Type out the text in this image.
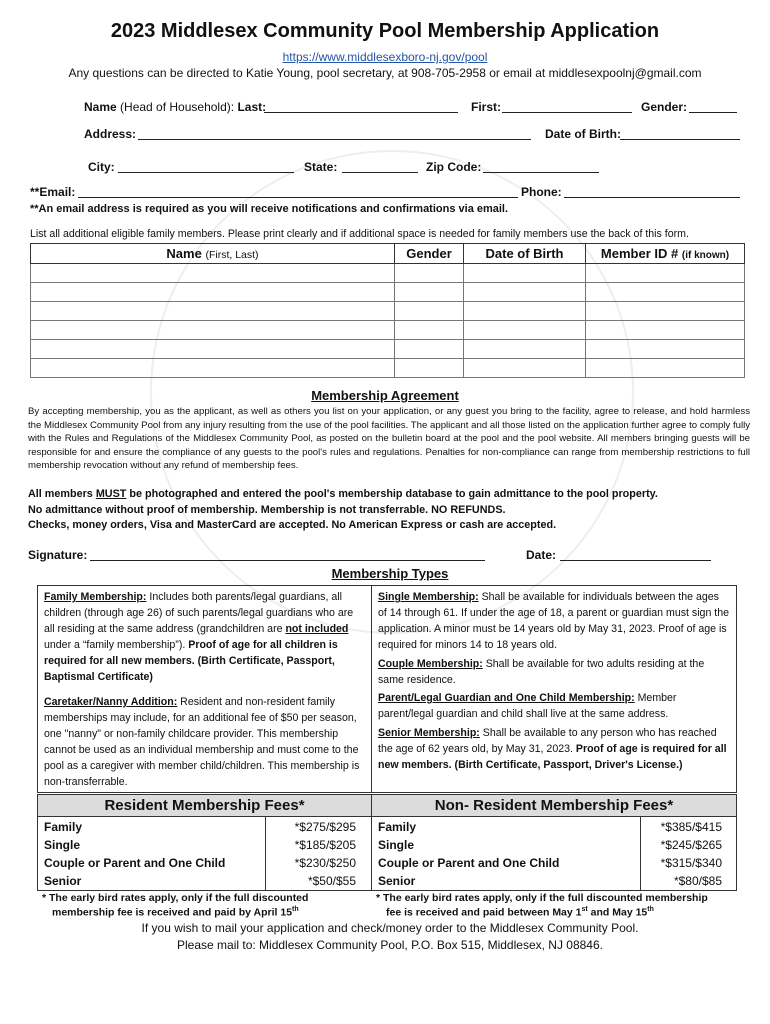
2023 Middlesex Community Pool Membership Application
https://www.middlesexboro-nj.gov/pool
Any questions can be directed to Katie Young, pool secretary, at 908-705-2958 or email at middlesexpoolnj@gmail.com
Name (Head of Household): Last:	First:	Gender:
Address:	Date of Birth:
City:	State:	Zip Code:
**Email:	Phone:
**An email address is required as you will receive notifications and confirmations via email.
List all additional eligible family members. Please print clearly and if additional space is needed for family members use the back of this form.
Name (First, Last)	Gender	Date of Birth	Member ID # (if known)

Membership Agreement
By accepting membership, you as the applicant, as well as others you list on your application, or any guest you bring to the facility, agree to release, and hold harmless the Middlesex Community Pool from any injury resulting from the use of the pool facilities. The applicant and all those listed on the application further agree to comply fully with the Rules and Regulations of the Middlesex Community Pool, as posted on the bulletin board at the pool and the pool website. All members bringing guests will be responsible for and ensure the compliance of any guests to the pool's rules and regulations. Penalties for non-compliance can range from membership restrictions to full membership revocation without any refund of membership fees.
All members MUST be photographed and entered the pool's membership database to gain admittance to the pool property.
No admittance without proof of membership. Membership is not transferrable. NO REFUNDS.
Checks, money orders, Visa and MasterCard are accepted. No American Express or cash are accepted.
Signature:	Date:
Membership Types
Family Membership: Includes both parents/legal guardians, all children (through age 26) of such parents/legal guardians who are all residing at the same address (grandchildren are not included under a “family membership”). Proof of age for all children is required for all new members. (Birth Certificate, Passport, Baptismal Certificate)
Caretaker/Nanny Addition: Resident and non-resident family memberships may include, for an additional fee of $50 per season, one "nanny" or non-family childcare provider. This membership cannot be used as an individual membership and must come to the pool as a caregiver with member child/children. This membership is non-transferrable.
Single Membership: Shall be available for individuals between the ages of 14 through 61. If under the age of 18, a parent or guardian must sign the application. A minor must be 14 years old by May 31, 2023. Proof of age is required for minors 14 to 18 years old.
Couple Membership: Shall be available for two adults residing at the same residence.
Parent/Legal Guardian and One Child Membership: Member parent/legal guardian and child shall live at the same address.
Senior Membership: Shall be available to any person who has reached the age of 62 years old, by May 31, 2023. Proof of age is required for all new members. (Birth Certificate, Passport, Driver's License.)
Resident Membership Fees*	Non- Resident Membership Fees*
Family	*$275/$295
Single	*$185/$205
Couple or Parent and One Child	*$230/$250
Senior	*$50/$55
Family	*$385/$415
Single	*$245/$265
Couple or Parent and One Child	*$315/$340
Senior	*$80/$85
* The early bird rates apply, only if the full discounted
membership fee is received and paid by April 15th
* The early bird rates apply, only if the full discounted membership
fee is received and paid between May 1st and May 15th
If you wish to mail your application and check/money order to the Middlesex Community Pool.
Please mail to: Middlesex Community Pool, P.O. Box 515, Middlesex, NJ 08846.
